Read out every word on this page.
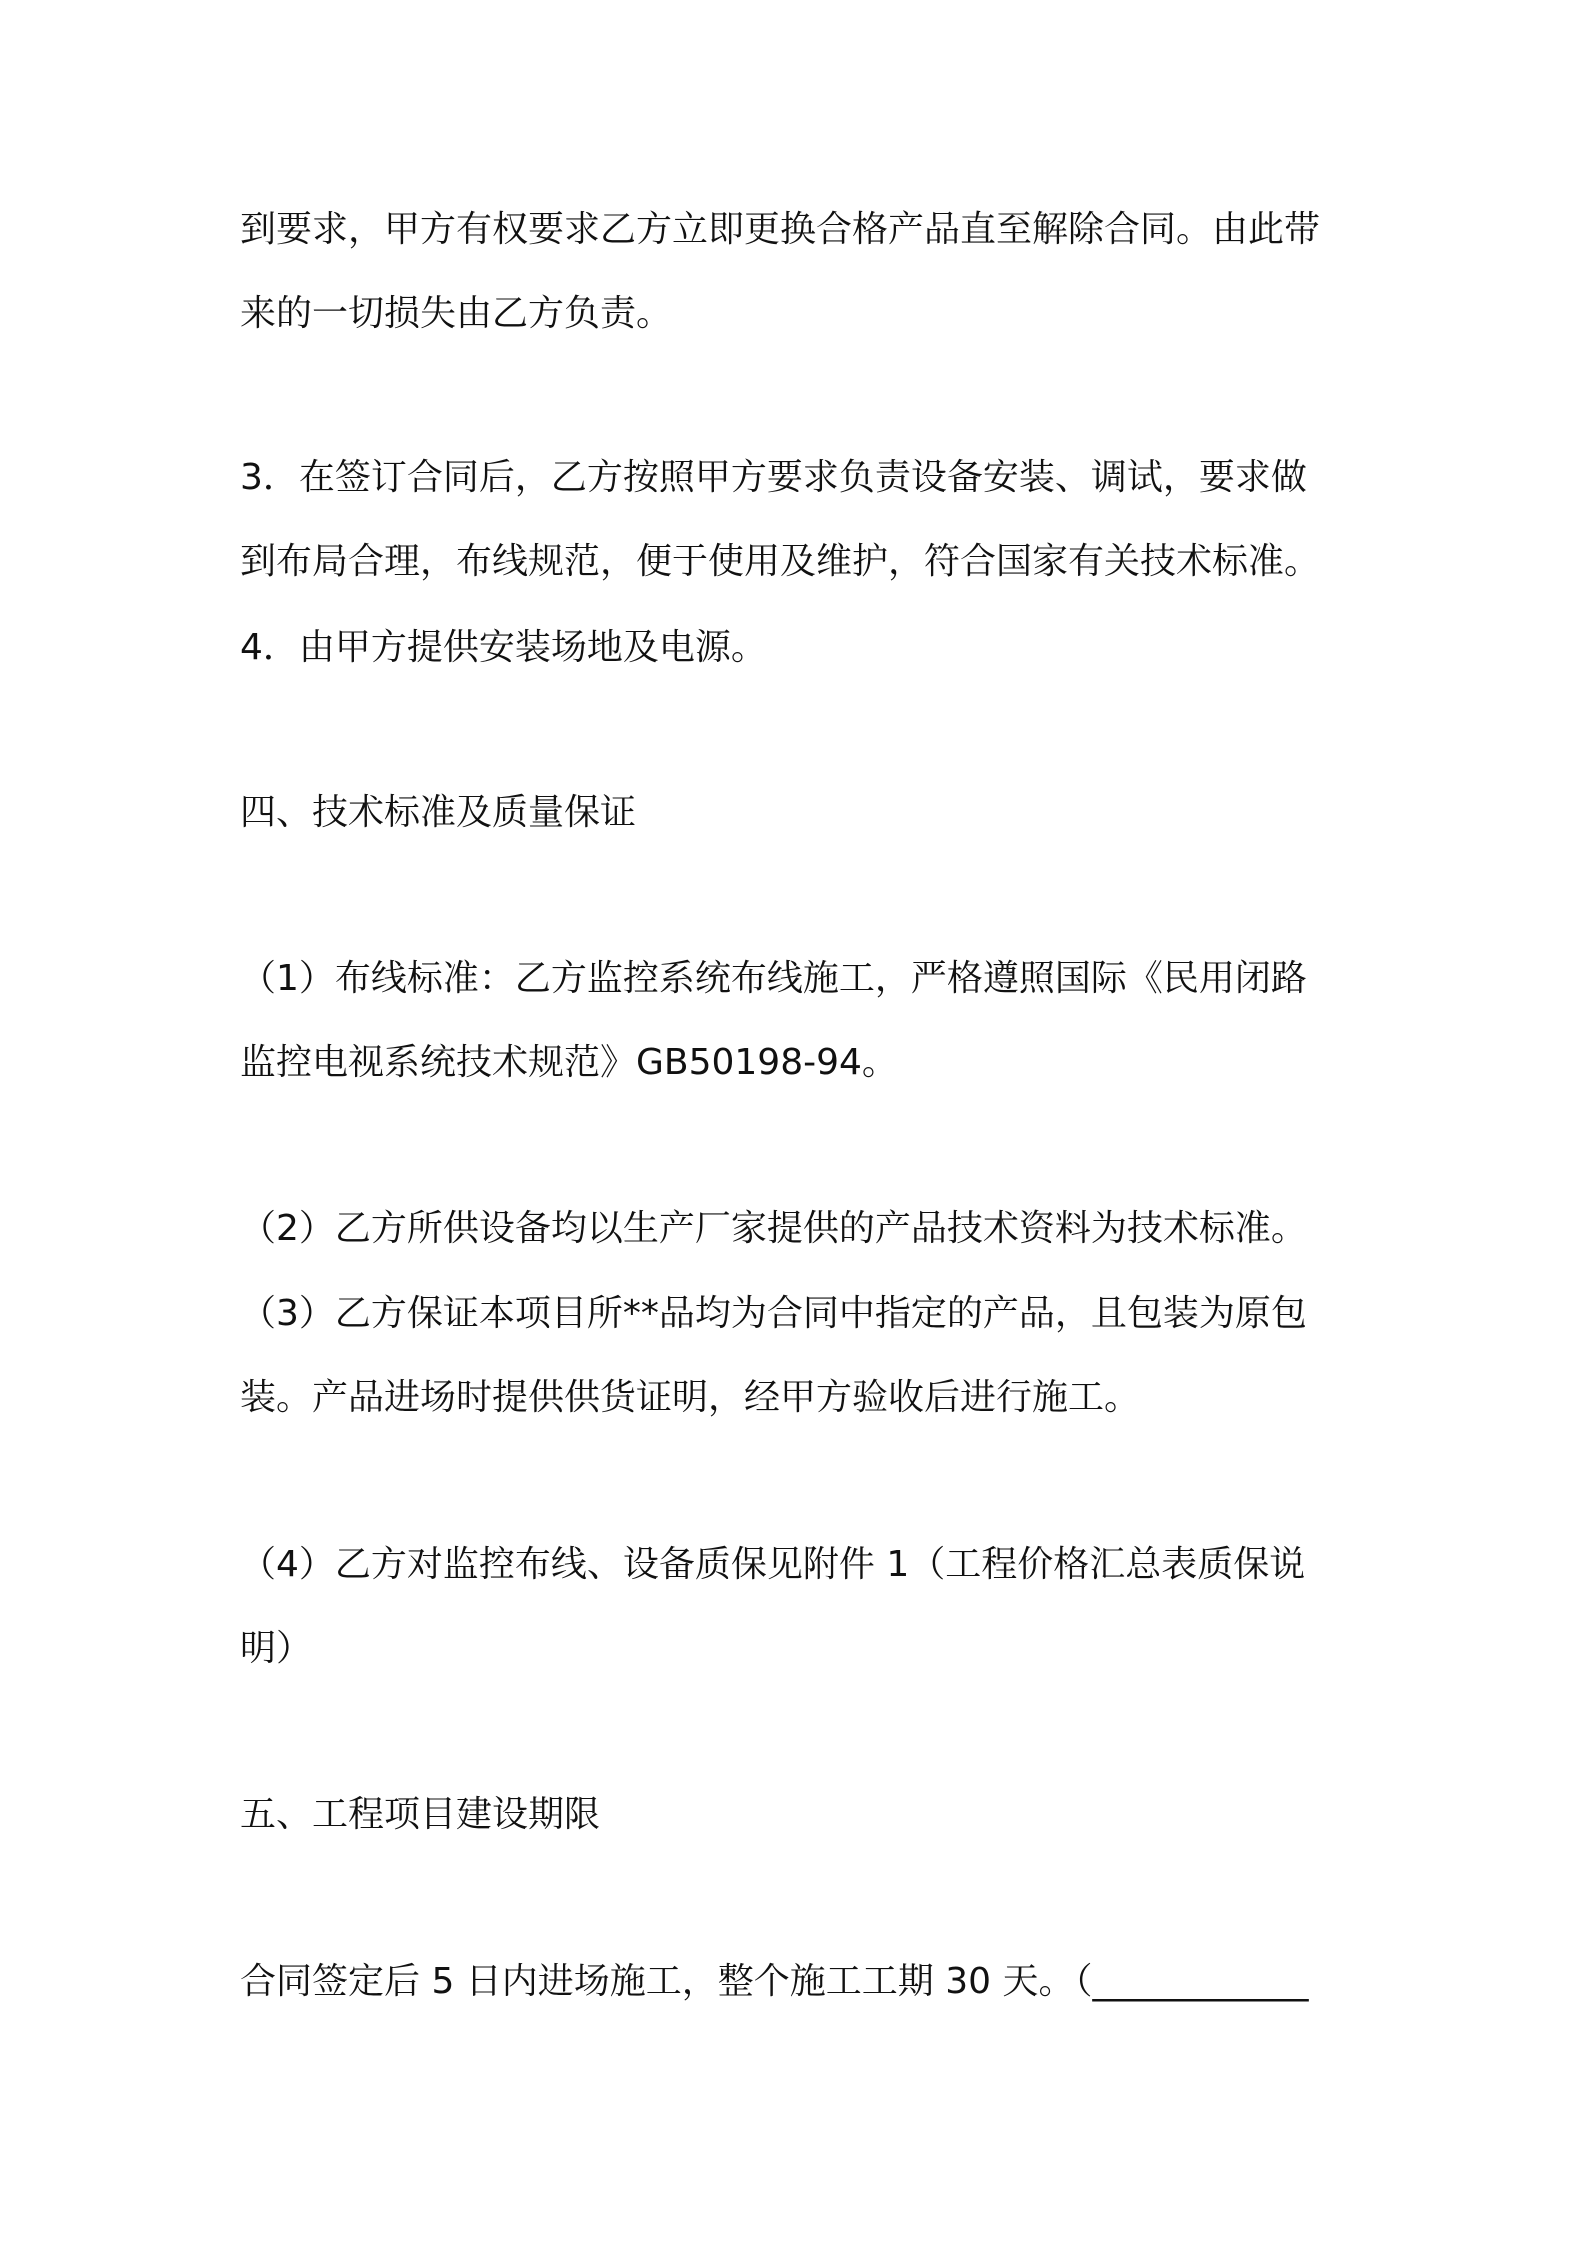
到要求，甲方有权要求乙方立即更换合格产品直至解除合同。由此带
来的一切损失由乙方负责。
3．在签订合同后，乙方按照甲方要求负责设备安装、调试，要求做
到布局合理，布线规范，便于使用及维护，符合国家有关技术标准。
4．由甲方提供安装场地及电源。
四、技术标准及质量保证
（1）布线标准：乙方监控系统布线施工，严格遵照国际《民用闭路
监控电视系统技术规范》GB50198-94。
（2）乙方所供设备均以生产厂家提供的产品技术资料为技术标准。
（3）乙方保证本项目所**品均为合同中指定的产品，且包装为原包
装。产品进场时提供供货证明，经甲方验收后进行施工。
（4）乙方对监控布线、设备质保见附件 1（工程价格汇总表质保说
明）
五、工程项目建设期限
合同签定后 5 日内进场施工，整个施工工期 30 天。（____________
